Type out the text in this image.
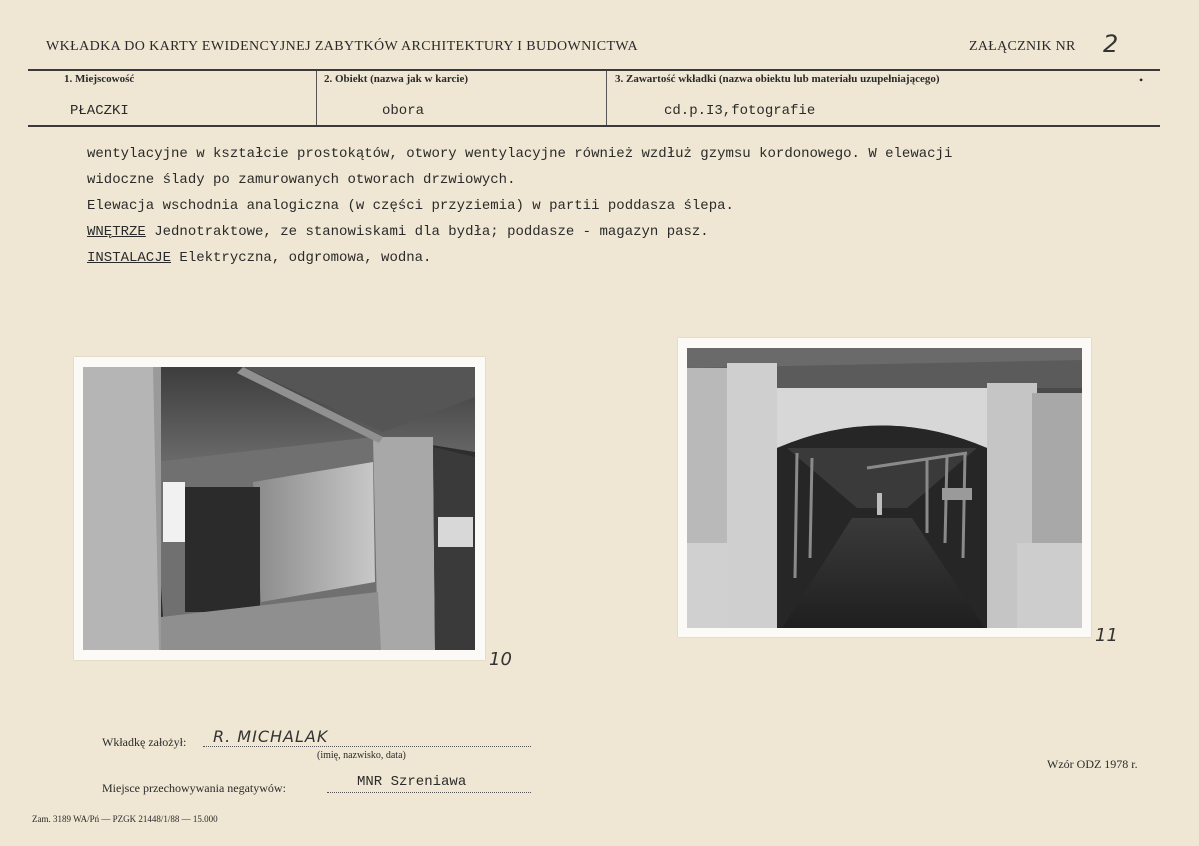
WKŁADKA DO KARTY EWIDENCYJNEJ ZABYTKÓW ARCHITEKTURY I BUDOWNICTWA	ZAŁĄCZNIK NR 2
•
1. Miejscowość	2. Obiekt (nazwa jak w karcie)	3. Zawartość wkładki (nazwa obiektu lub materiału uzupełniającego)
PŁACZKI	obora	cd.p.I3,fotografie

wentylacyjne w kształcie prostokątów, otwory wentylacyjne również wzdłuż gzymsu kordonowego. W elewacji

widoczne ślady po zamurowanych otworach drzwiowych.

Elewacja wschodnia analogiczna (w części przyziemia) w partii poddasza ślepa.

WNĘTRZE Jednotraktowe, ze stanowiskami dla bydła; poddasze - magazyn pasz.

INSTALACJE Elektryczna, odgromowa, wodna.

10
11
Wkładkę założył: R. MICHALAK
(imię, nazwisko, data)
Miejsce przechowywania negatywów:	MNR Szreniawa
Wzór ODZ 1978 r.
Zam. 3189 WA/Pń — PZGK 21448/1/88 — 15.000
